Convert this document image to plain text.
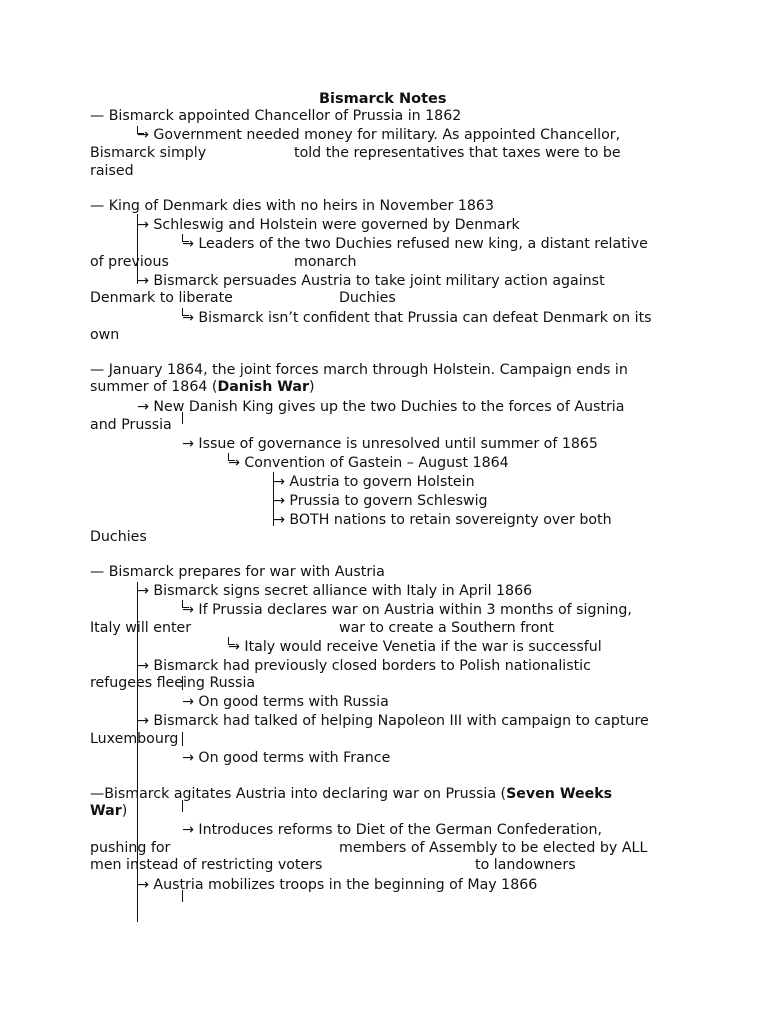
Bismarck Notes
— Bismarck appointed Chancellor of Prussia in 1862
→ Government needed money for military. As appointed Chancellor,
Bismarck simply	told the representatives that taxes were to be
raised
— King of Denmark dies with no heirs in November 1863
→ Schleswig and Holstein were governed by Denmark
→ Leaders of the two Duchies refused new king, a distant relative
of previous	monarch
→ Bismarck persuades Austria to take joint military action against
Denmark to liberate	Duchies
→ Bismarck isn’t confident that Prussia can defeat Denmark on its
own
— January 1864, the joint forces march through Holstein. Campaign ends in
summer of 1864 (Danish War)
→ New Danish King gives up the two Duchies to the forces of Austria
and Prussia
→ Issue of governance is unresolved until summer of 1865
→ Convention of Gastein – August 1864
→ Austria to govern Holstein
→ Prussia to govern Schleswig
→ BOTH nations to retain sovereignty over both
Duchies
— Bismarck prepares for war with Austria
→ Bismarck signs secret alliance with Italy in April 1866
→ If Prussia declares war on Austria within 3 months of signing,
Italy will enter	war to create a Southern front
→ Italy would receive Venetia if the war is successful
→ Bismarck had previously closed borders to Polish nationalistic
refugees fleeing Russia
→ On good terms with Russia
→ Bismarck had talked of helping Napoleon III with campaign to capture
Luxembourg
→ On good terms with France
—Bismarck agitates Austria into declaring war on Prussia (Seven Weeks
War)
→ Introduces reforms to Diet of the German Confederation,
pushing for	members of Assembly to be elected by ALL
men instead of restricting voters	to landowners
→ Austria mobilizes troops in the beginning of May 1866
